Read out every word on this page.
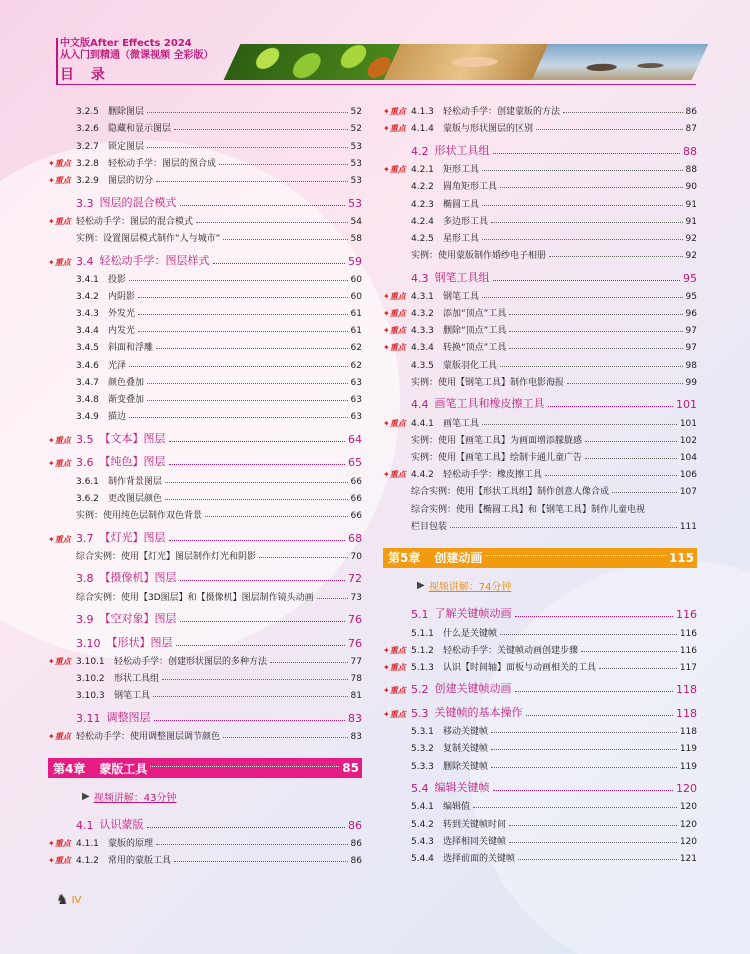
中文版After Effects 2024
从入门到精通（微课视频 全彩版）
目 录
3.2.5	删除图层	52
3.2.6	隐藏和显示图层	52
3.2.7	锁定图层	53
✦重点 3.2.8	轻松动手学：图层的预合成	53
✦重点 3.2.9	图层的切分	53
3.3 图层的混合模式	53
✦重点 轻松动手学：图层的混合模式	54
实例：设置图层模式制作“人与城市”	58
✦重点 3.4 轻松动手学：图层样式	59
3.4.1	投影	60
3.4.2	内阴影	60
3.4.3	外发光	61
3.4.4	内发光	61
3.4.5	斜面和浮雕	62
3.4.6	光泽	62
3.4.7	颜色叠加	63
3.4.8	渐变叠加	63
3.4.9	描边	63
✦重点 3.5 【文本】图层	64
✦重点 3.6 【纯色】图层	65
3.6.1	制作背景图层	66
3.6.2	更改图层颜色	66
实例：使用纯色层制作双色背景	66
✦重点 3.7 【灯光】图层	68
综合实例：使用【灯光】图层制作灯光和阴影	70
3.8 【摄像机】图层	72
综合实例：使用【3D图层】和【摄像机】图层制作镜头动画	73
3.9 【空对象】图层	76
3.10 【形状】图层	76
✦重点 3.10.1	轻松动手学：创建形状图层的多种方法	77
3.10.2	形状工具组	78
3.10.3	钢笔工具	81
3.11 调整图层	83
✦重点 轻松动手学：使用调整图层调节颜色	83
第4章 蒙版工具	85
▶ 视频讲解：43分钟
4.1 认识蒙版	86
✦重点 4.1.1	蒙版的原理	86
✦重点 4.1.2	常用的蒙版工具	86
✦重点 4.1.3	轻松动手学：创建蒙版的方法	86
✦重点 4.1.4	蒙版与形状图层的区别	87
4.2 形状工具组	88
✦重点 4.2.1	矩形工具	88
4.2.2	圆角矩形工具	90
4.2.3	椭圆工具	91
4.2.4	多边形工具	91
4.2.5	星形工具	92
实例：使用蒙版制作婚纱电子相册	92
4.3 钢笔工具组	95
✦重点 4.3.1	钢笔工具	95
✦重点 4.3.2	添加“顶点”工具	96
✦重点 4.3.3	删除“顶点”工具	97
✦重点 4.3.4	转换“顶点”工具	97
4.3.5	蒙版羽化工具	98
实例：使用【钢笔工具】制作电影海报	99
4.4 画笔工具和橡皮擦工具	101
✦重点 4.4.1	画笔工具	101
实例：使用【画笔工具】为画面增添朦胧感	102
实例：使用【画笔工具】绘制卡通儿童广告	104
✦重点 4.4.2	轻松动手学：橡皮擦工具	106
综合实例：使用【形状工具组】制作创意人像合成	107
综合实例：使用【椭圆工具】和【钢笔工具】制作儿童电视
栏目包装	111
第5章 创建动画	115
▶ 视频讲解：74分钟
5.1 了解关键帧动画	116
5.1.1	什么是关键帧	116
✦重点 5.1.2	轻松动手学：关键帧动画创建步骤	116
✦重点 5.1.3	认识【时间轴】面板与动画相关的工具	117
✦重点 5.2 创建关键帧动画	118
✦重点 5.3 关键帧的基本操作	118
5.3.1	移动关键帧	118
5.3.2	复制关键帧	119
5.3.3	删除关键帧	119
5.4 编辑关键帧	120
5.4.1	编辑值	120
5.4.2	转到关键帧时间	120
5.4.3	选择相同关键帧	120
5.4.4	选择前面的关键帧	121
♞ IV
